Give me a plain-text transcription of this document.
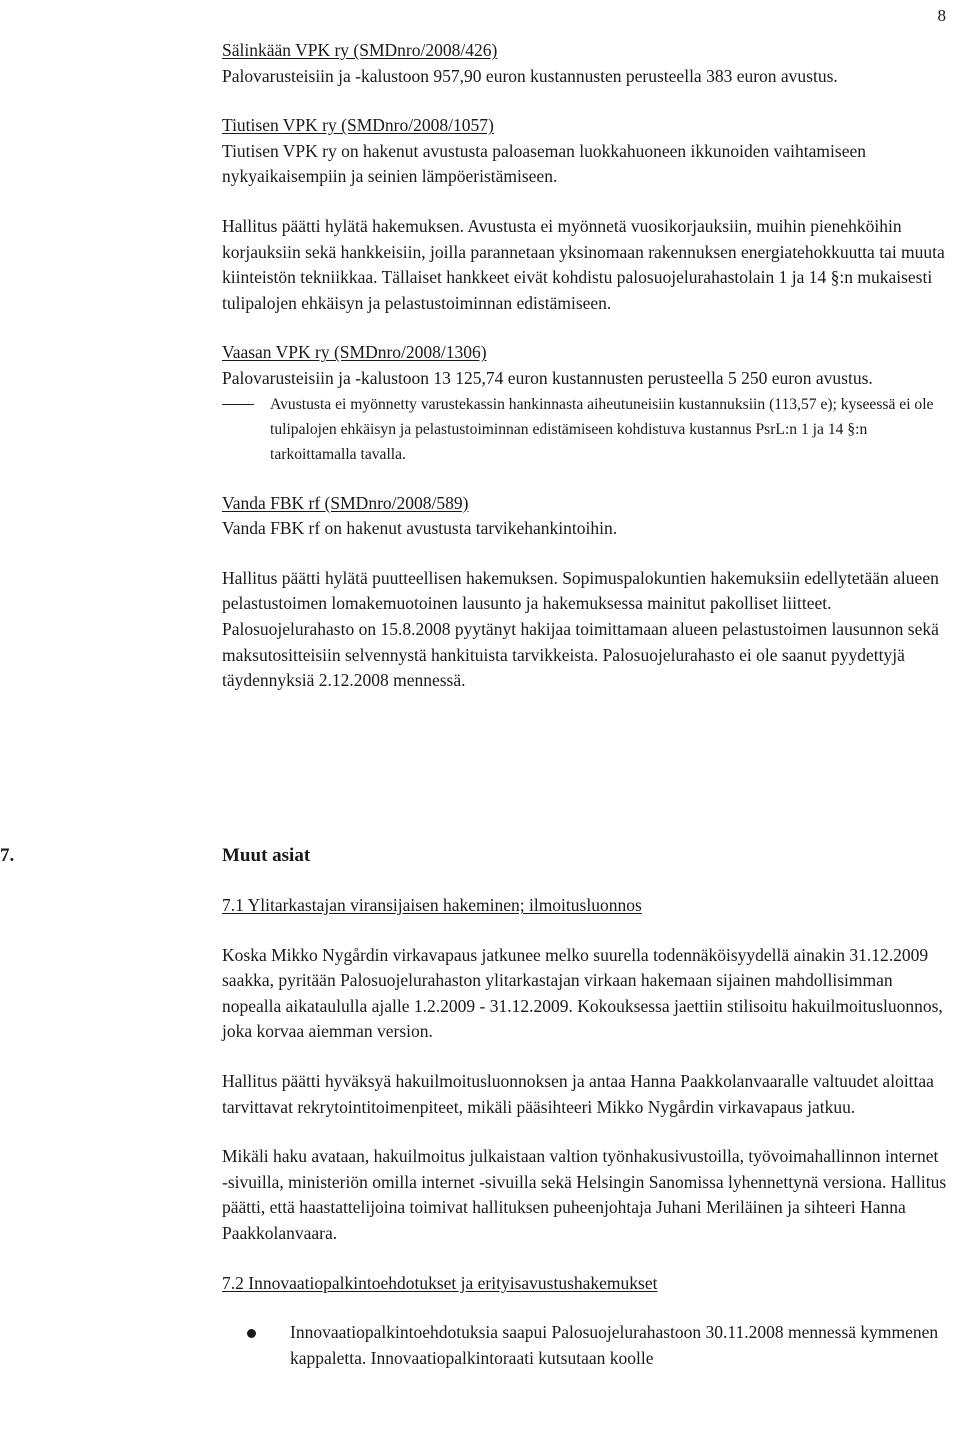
8

Sälinkään VPK ry (SMDnro/2008/426)

Palovarusteisiin ja -kalustoon 957,90 euron kustannusten perusteella 383 euron avustus.

Tiutisen VPK ry (SMDnro/2008/1057)

Tiutisen VPK ry on hakenut avustusta paloaseman luokkahuoneen ikkunoiden vaihtamiseen nykyaikaisempiin ja seinien lämpöeristämiseen.

Hallitus päätti hylätä hakemuksen. Avustusta ei myönnetä vuosikorjauksiin, muihin pienehköihin korjauksiin sekä hankkeisiin, joilla parannetaan yksinomaan rakennuksen energiatehokkuutta tai muuta kiinteistön tekniikkaa. Tällaiset hankkeet eivät kohdistu palosuojelurahastolain 1 ja 14 §:n mukaisesti tulipalojen ehkäisyn ja pelastustoiminnan edistämiseen.

Vaasan VPK ry (SMDnro/2008/1306)

Palovarusteisiin ja -kalustoon 13 125,74 euron kustannusten perusteella 5 250 euron avustus.

Avustusta ei myönnetty varustekassin hankinnasta aiheutuneisiin kustannuksiin (113,57 e); kyseessä ei ole tulipalojen ehkäisyn ja pelastustoiminnan edistämiseen kohdistuva kustannus PsrL:n 1 ja 14 §:n tarkoittamalla tavalla.

Vanda FBK rf (SMDnro/2008/589)

Vanda FBK rf on hakenut avustusta tarvikehankintoihin.

Hallitus päätti hylätä puutteellisen hakemuksen. Sopimuspalokuntien hakemuksiin edellytetään alueen pelastustoimen lomakemuotoinen lausunto ja hakemuksessa mainitut pakolliset liitteet. Palosuojelurahasto on 15.8.2008 pyytänyt hakijaa toimittamaan alueen pelastustoimen lausunnon sekä maksutositteisiin selvennystä hankituista tarvikkeista. Palosuojelurahasto ei ole saanut pyydettyjä täydennyksiä 2.12.2008 mennessä.

7.	Muut asiat

7.1 Ylitarkastajan viransijaisen hakeminen; ilmoitusluonnos

Koska Mikko Nygårdin virkavapaus jatkunee melko suurella todennäköisyydellä ainakin 31.12.2009 saakka, pyritään Palosuojelurahaston ylitarkastajan virkaan hakemaan sijainen mahdollisimman nopealla aikataululla ajalle 1.2.2009 - 31.12.2009. Kokouksessa jaettiin stilisoitu hakuilmoitusluonnos, joka korvaa aiemman version.

Hallitus päätti hyväksyä hakuilmoitusluonnoksen ja antaa Hanna Paakkolanvaaralle valtuudet aloittaa tarvittavat rekrytointitoimenpiteet, mikäli pääsihteeri Mikko Nygårdin virkavapaus jatkuu.

Mikäli haku avataan, hakuilmoitus julkaistaan valtion työnhakusivustoilla, työvoimahallinnon internet -sivuilla, ministeriön omilla internet -sivuilla sekä Helsingin Sanomissa lyhennettynä versiona. Hallitus päätti, että haastattelijoina toimivat hallituksen puheenjohtaja Juhani Meriläinen ja sihteeri Hanna Paakkolanvaara.

7.2 Innovaatiopalkintoehdotukset ja erityisavustushakemukset

Innovaatiopalkintoehdotuksia saapui Palosuojelurahastoon 30.11.2008 mennessä kymmenen kappaletta. Innovaatiopalkintoraati kutsutaan koolle
